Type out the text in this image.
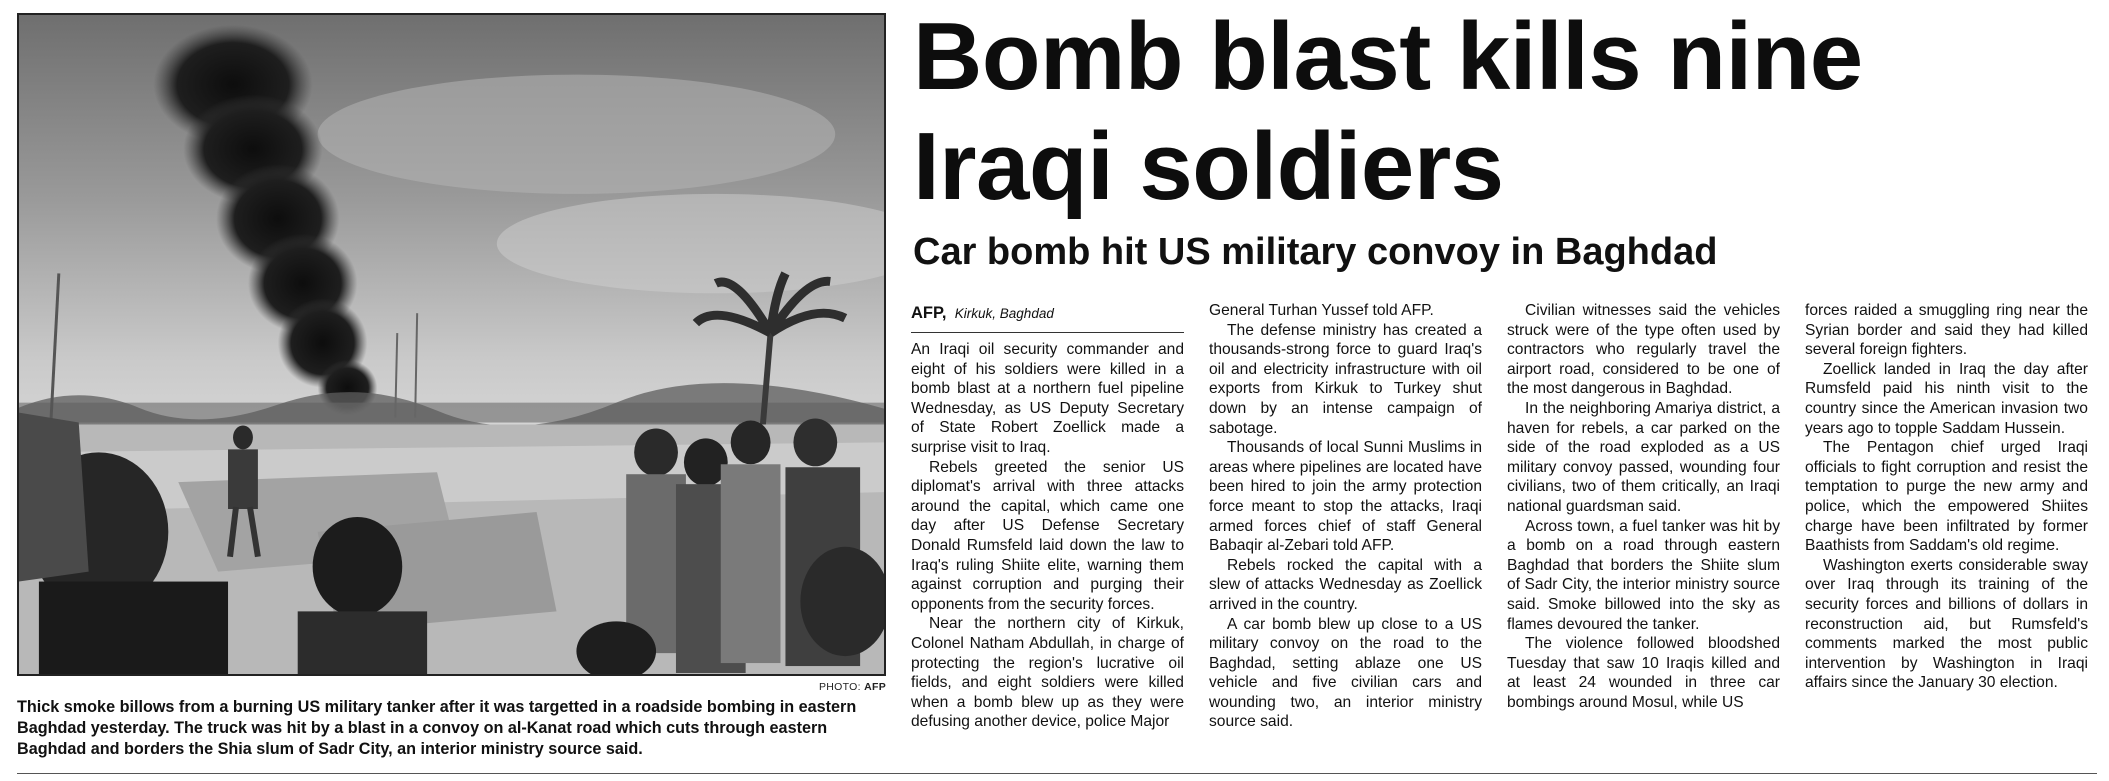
PHOTO: AFP
Thick smoke billows from a burning US military tanker after it was targetted in a roadside bombing in eastern Baghdad yesterday. The truck was hit by a blast in a convoy on al-Kanat road which cuts through eastern Baghdad and borders the Shia slum of Sadr City, an interior ministry source said.
Bomb blast kills nine
Iraqi soldiers
Car bomb hit US military convoy in Baghdad
AFP, Kirkuk, Baghdad

An Iraqi oil security commander and eight of his soldiers were killed in a bomb blast at a northern fuel pipeline Wednesday, as US Deputy Secretary of State Robert Zoellick made a surprise visit to Iraq.

Rebels greeted the senior US diplomat's arrival with three attacks around the capital, which came one day after US Defense Secretary Donald Rumsfeld laid down the law to Iraq's ruling Shiite elite, warning them against corruption and purging their opponents from the security forces.

Near the northern city of Kirkuk, Colonel Natham Abdullah, in charge of protecting the region's lucrative oil fields, and eight soldiers were killed when a bomb blew up as they were defusing another device, police Major

General Turhan Yussef told AFP.

The defense ministry has created a thousands-strong force to guard Iraq's oil and electricity infrastructure with oil exports from Kirkuk to Turkey shut down by an intense campaign of sabotage.

Thousands of local Sunni Muslims in areas where pipelines are located have been hired to join the army protection force meant to stop the attacks, Iraqi armed forces chief of staff General Babaqir al-Zebari told AFP.

Rebels rocked the capital with a slew of attacks Wednesday as Zoellick arrived in the country.

A car bomb blew up close to a US military convoy on the road to the Baghdad, setting ablaze one US vehicle and five civilian cars and wounding two, an interior ministry source said.

Civilian witnesses said the vehicles struck were of the type often used by contractors who regularly travel the airport road, considered to be one of the most dangerous in Baghdad.

In the neighboring Amariya district, a haven for rebels, a car parked on the side of the road exploded as a US military convoy passed, wounding four civilians, two of them critically, an Iraqi national guardsman said.

Across town, a fuel tanker was hit by a bomb on a road through eastern Baghdad that borders the Shiite slum of Sadr City, the interior ministry source said. Smoke billowed into the sky as flames devoured the tanker.

The violence followed bloodshed Tuesday that saw 10 Iraqis killed and at least 24 wounded in three car bombings around Mosul, while US

forces raided a smuggling ring near the Syrian border and said they had killed several foreign fighters.

Zoellick landed in Iraq the day after Rumsfeld paid his ninth visit to the country since the American invasion two years ago to topple Saddam Hussein.

The Pentagon chief urged Iraqi officials to fight corruption and resist the temptation to purge the new army and police, which the empowered Shiites charge have been infiltrated by former Baathists from Saddam's old regime.

Washington exerts considerable sway over Iraq through its training of the security forces and billions of dollars in reconstruction aid, but Rumsfeld's comments marked the most public intervention by Washington in Iraqi affairs since the January 30 election.
